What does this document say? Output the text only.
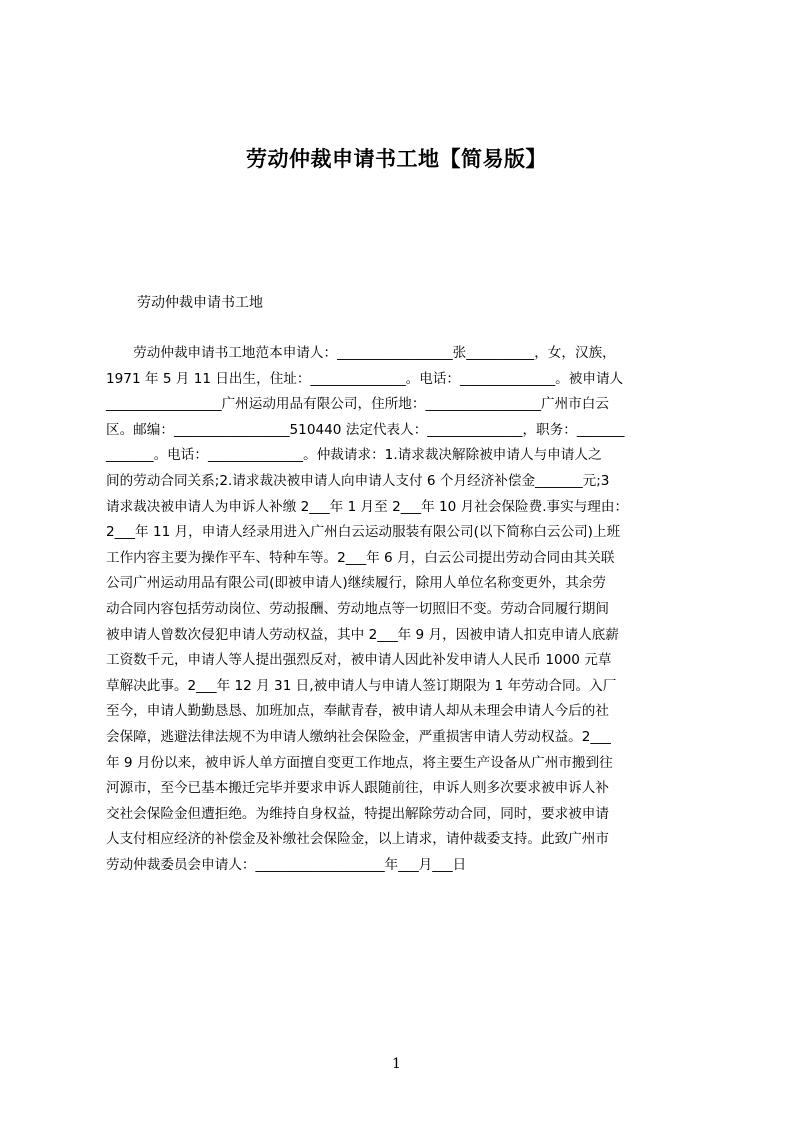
劳动仲裁申请书工地【简易版】
劳动仲裁申请书工地
　　劳动仲裁申请书工地范本申请人：_________________张__________，女，汉族，
1971 年 5 月 11 日出生，住址：______________。电话：______________。被申请人
_________________广州运动用品有限公司，住所地：_________________广州市白云
区。邮编：_________________510440 法定代表人：______________，职务：_______
_______。电话：______________。仲裁请求：1.请求裁决解除被申请人与申请人之
间的劳动合同关系;2.请求裁决被申请人向申请人支付 6 个月经济补偿金_______元;3
请求裁决被申请人为申诉人补缴 2___年 1 月至 2___年 10 月社会保险费.事实与理由：
2___年 11 月，申请人经录用进入广州白云运动服装有限公司(以下简称白云公司)上班
工作内容主要为操作平车、特种车等。2___年 6 月，白云公司提出劳动合同由其关联
公司广州运动用品有限公司(即被申请人)继续履行，除用人单位名称变更外，其余劳
动合同内容包括劳动岗位、劳动报酬、劳动地点等一切照旧不变。劳动合同履行期间
被申请人曾数次侵犯申请人劳动权益，其中 2___年 9 月，因被申请人扣克申请人底薪
工资数千元，申请人等人提出强烈反对，被申请人因此补发申请人人民币 1000 元草
草解决此事。2___年 12 月 31 日,被申请人与申请人签订期限为 1 年劳动合同。入厂
至今，申请人勤勤恳恳、加班加点，奉献青春，被申请人却从未理会申请人今后的社
会保障，逃避法律法规不为申请人缴纳社会保险金，严重损害申请人劳动权益。2___
年 9 月份以来，被申诉人单方面擅自变更工作地点，将主要生产设备从广州市搬到往
河源市，至今已基本搬迁完毕并要求申诉人跟随前往，申诉人则多次要求被申诉人补
交社会保险金但遭拒绝。为维持自身权益，特提出解除劳动合同，同时，要求被申请
人支付相应经济的补偿金及补缴社会保险金，以上请求，请仲裁委支持。此致广州市
劳动仲裁委员会申请人：___________________年___月___日
1
